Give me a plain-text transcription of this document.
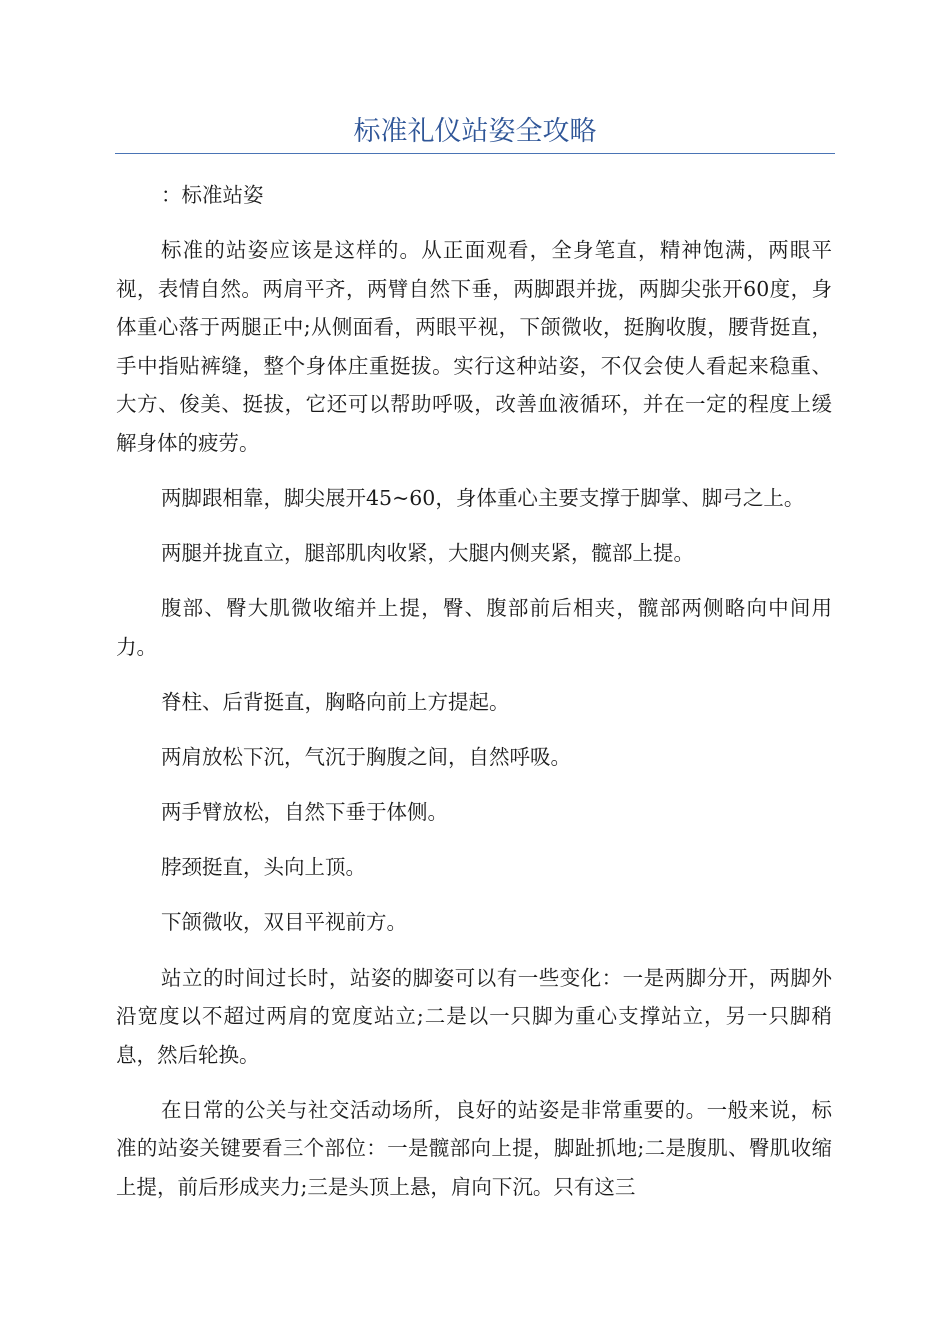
标准礼仪站姿全攻略

：标准站姿

标准的站姿应该是这样的。从正面观看，全身笔直，精神饱满，两眼平视，表情自然。两肩平齐，两臂自然下垂，两脚跟并拢，两脚尖张开60度，身体重心落于两腿正中;从侧面看，两眼平视，下颌微收，挺胸收腹，腰背挺直，手中指贴裤缝，整个身体庄重挺拔。实行这种站姿，不仅会使人看起来稳重、大方、俊美、挺拔，它还可以帮助呼吸，改善血液循环，并在一定的程度上缓解身体的疲劳。

两脚跟相靠，脚尖展开45~60，身体重心主要支撑于脚掌、脚弓之上。

两腿并拢直立，腿部肌肉收紧，大腿内侧夹紧，髋部上提。

腹部、臀大肌微收缩并上提，臀、腹部前后相夹，髋部两侧略向中间用力。

脊柱、后背挺直，胸略向前上方提起。

两肩放松下沉，气沉于胸腹之间，自然呼吸。

两手臂放松，自然下垂于体侧。

脖颈挺直，头向上顶。

下颌微收，双目平视前方。

站立的时间过长时，站姿的脚姿可以有一些变化：一是两脚分开，两脚外沿宽度以不超过两肩的宽度站立;二是以一只脚为重心支撑站立，另一只脚稍息，然后轮换。

在日常的公关与社交活动场所，良好的站姿是非常重要的。一般来说，标准的站姿关键要看三个部位：一是髋部向上提，脚趾抓地;二是腹肌、臀肌收缩上提，前后形成夹力;三是头顶上悬，肩向下沉。只有这三
